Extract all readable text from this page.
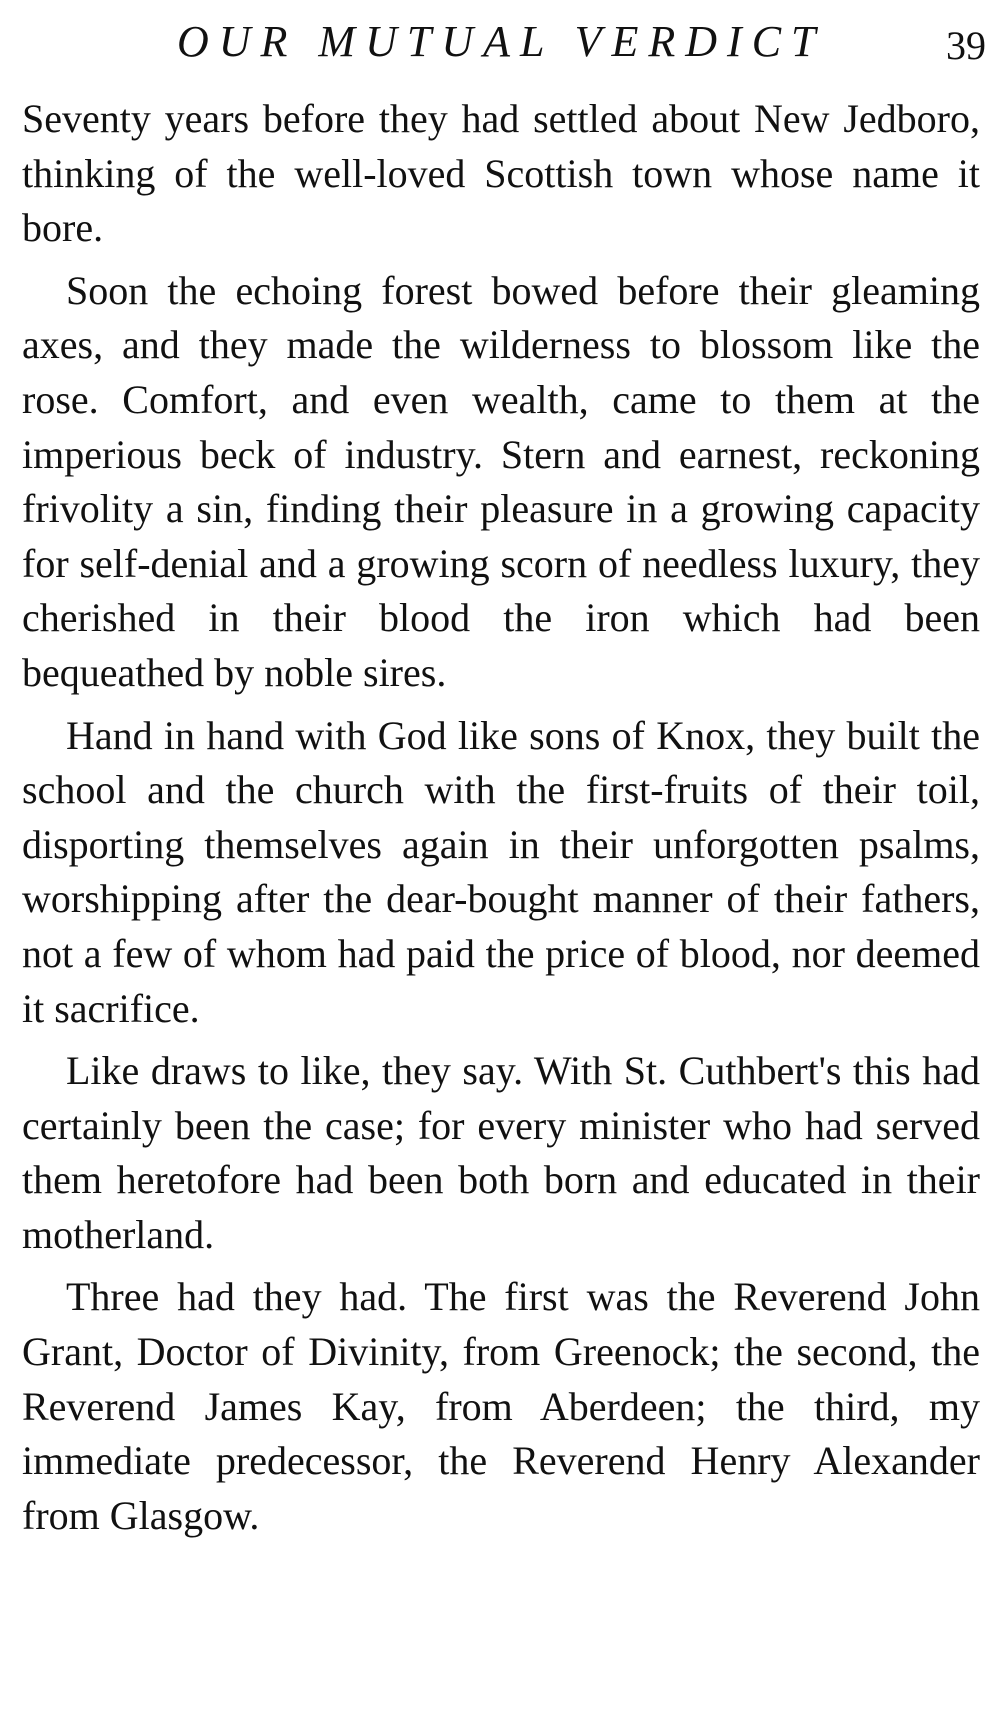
OUR MUTUAL VERDICT	39

Seventy years before they had settled about New Jedboro, thinking of the well-loved Scottish town whose name it bore.

Soon the echoing forest bowed before their gleaming axes, and they made the wilderness to blossom like the rose. Comfort, and even wealth, came to them at the imperious beck of industry. Stern and earnest, reckoning frivolity a sin, finding their pleasure in a growing capacity for self-denial and a growing scorn of needless luxury, they cherished in their blood the iron which had been bequeathed by noble sires.

Hand in hand with God like sons of Knox, they built the school and the church with the first-fruits of their toil, disporting themselves again in their unforgotten psalms, worshipping after the dear-bought manner of their fathers, not a few of whom had paid the price of blood, nor deemed it sacrifice.

Like draws to like, they say. With St. Cuthbert's this had certainly been the case; for every minister who had served them heretofore had been both born and educated in their motherland.

Three had they had. The first was the Reverend John Grant, Doctor of Divinity, from Greenock; the second, the Reverend James Kay, from Aberdeen; the third, my immediate predecessor, the Reverend Henry Alexander from Glasgow.
